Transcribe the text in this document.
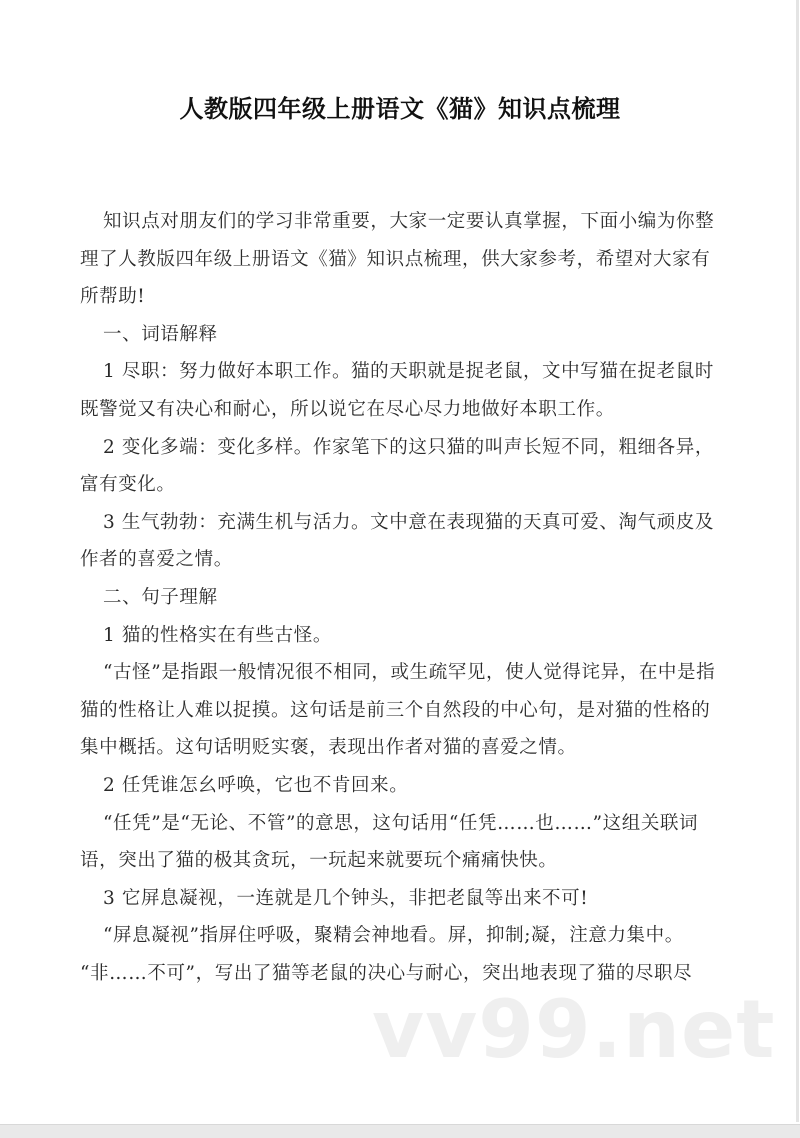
人教版四年级上册语文《猫》知识点梳理

知识点对朋友们的学习非常重要，大家一定要认真掌握，下面小编为你整理了人教版四年级上册语文《猫》知识点梳理，供大家参考，希望对大家有所帮助!

一、词语解释

1 尽职：努力做好本职工作。猫的天职就是捉老鼠，文中写猫在捉老鼠时既警觉又有决心和耐心，所以说它在尽心尽力地做好本职工作。

2 变化多端：变化多样。作家笔下的这只猫的叫声长短不同，粗细各异，富有变化。

3 生气勃勃：充满生机与活力。文中意在表现猫的天真可爱、淘气顽皮及作者的喜爱之情。

二、句子理解

1 猫的性格实在有些古怪。

“古怪”是指跟一般情况很不相同，或生疏罕见，使人觉得诧异，在中是指猫的性格让人难以捉摸。这句话是前三个自然段的中心句，是对猫的性格的集中概括。这句话明贬实褒，表现出作者对猫的喜爱之情。

2 任凭谁怎幺呼唤，它也不肯回来。

“任凭”是“无论、不管”的意思，这句话用“任凭……也……”这组关联词语，突出了猫的极其贪玩，一玩起来就要玩个痛痛快快。

3 它屏息凝视，一连就是几个钟头，非把老鼠等出来不可!

“屏息凝视”指屏住呼吸，聚精会神地看。屏，抑制;凝，注意力集中。

“非……不可”，写出了猫等老鼠的决心与耐心，突出地表现了猫的尽职尽

vv99.net
